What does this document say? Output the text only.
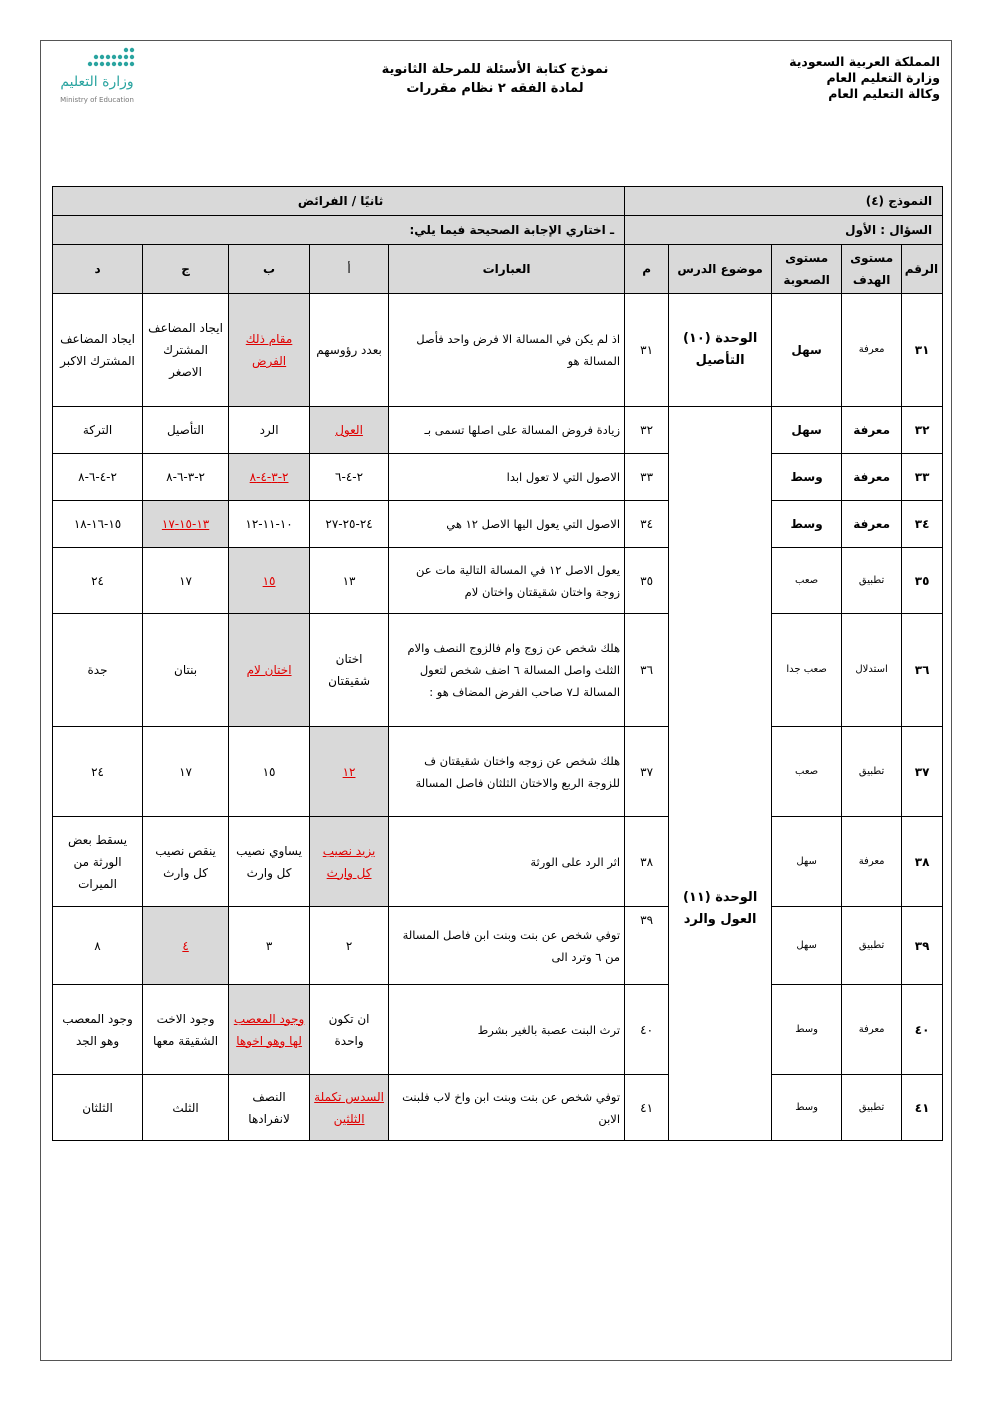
المملكة العربية السعودية
وزارة التعليم العام
وكالة التعليم العام
نموذج كتابة الأسئلة للمرحلة الثانوية
لمادة الفقه ٢ نظام مقررات
وزارة التعليم
Ministry of Education
النموذج (٤)					ثانيًا / الفرائض				
السؤال : الأول					ـ اختاري الإجابة الصحيحة فيما يلي:				
الرقم	مستوى الهدف	مستوى الصعوبة	موضوع الدرس	م	العبارات	أ	ب	ج	د
٣١	معرفة	سهل	الوحدة (١٠) التأصيل	٣١	اذ لم يكن في المسالة الا فرض واحد فأصل المسالة هو	بعدد رؤوسهم	مقام ذلك الفرض	ايجاد المضاعف المشترك الاصغر	ايجاد المضاعف المشترك الاكبر
٣٢	معرفة	سهل	الوحدة (١١) العول والرد	٣٢	زيادة فروض المسالة على اصلها تسمى بـ	العول	الرد	التأصيل	التركة
٣٣	معرفة	وسط		٣٣	الاصول التي لا تعول ابدا	٢-٤-٦	٢-٣-٤-٨	٢-٣-٦-٨	٢-٤-٦-٨
٣٤	معرفة	وسط		٣٤	الاصول التي يعول اليها الاصل ١٢ هي	٢٤-٢٥-٢٧	١٠-١١-١٢	١٣-١٥-١٧	١٥-١٦-١٨
٣٥	تطبيق	صعب		٣٥	يعول الاصل ١٢ في المسالة التالية مات عن زوجة واختان شقيقتان واختان لام	١٣	١٥	١٧	٢٤
٣٦	استدلال	صعب جدا		٣٦	هلك شخص عن زوج وام فالزوج النصف والام الثلث واصل المسالة ٦ اضف شخص لتعول المسالة لـ٧ صاحب الفرض المضاف هو :	اختان شقيقتان	اختان لام	بنتان	جدة
٣٧	تطبيق	صعب		٣٧	هلك شخص عن زوجه واختان شقيقتان ف للزوجة الربع والاختان الثلثان فاصل المسالة	١٢	١٥	١٧	٢٤
٣٨	معرفة	سهل		٣٨	اثر الرد على الورثة	يزيد نصيب كل وارث	يساوي نصيب كل وارث	ينقص نصيب كل وارث	يسقط بعض الورثة من الميرات
٣٩	تطبيق	سهل		٣٩	توفي شخص عن بنت وبنت ابن فاصل المسالة من ٦ وترد الى	٢	٣	٤	٨
٤٠	معرفة	وسط		٤٠	ترث البنت عصبة بالغير بشرط	ان تكون واحدة	وجود المعصب لها وهو اخوها	وجود الاخت الشقيقة معها	وجود المعصب وهو الجد
٤١	تطبيق	وسط		٤١	توفي شخص عن بنت وبنت ابن واخ لاب فلبنت الابن	السدس تكملة الثلثين	النصف لانفرادها	الثلث	الثلثان
